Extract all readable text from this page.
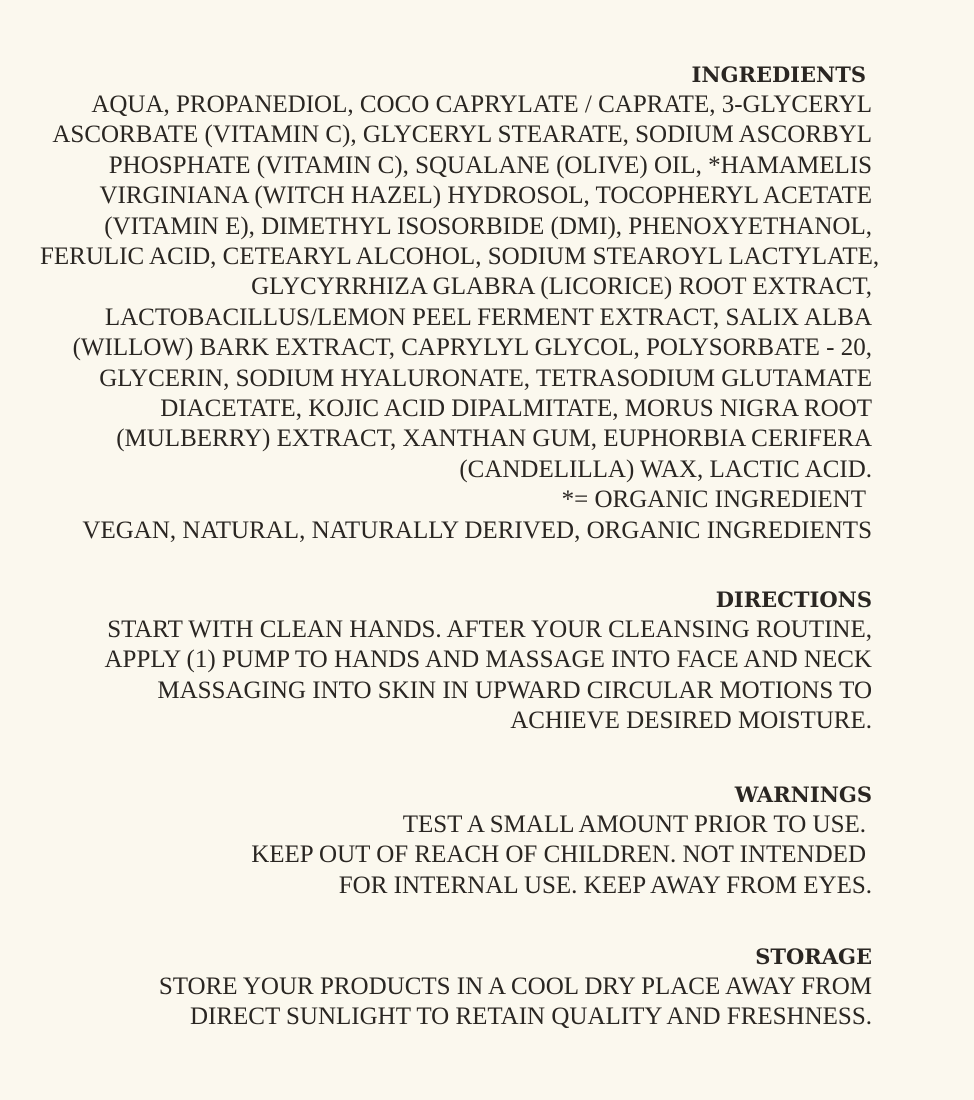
INGREDIENTS
AQUA, PROPANEDIOL, COCO CAPRYLATE / CAPRATE, 3-GLYCERYL
ASCORBATE (VITAMIN C), GLYCERYL STEARATE, SODIUM ASCORBYL
PHOSPHATE (VITAMIN C), SQUALANE (OLIVE) OIL, *HAMAMELIS
VIRGINIANA (WITCH HAZEL) HYDROSOL, TOCOPHERYL ACETATE
(VITAMIN E), DIMETHYL ISOSORBIDE (DMI), PHENOXYETHANOL,
FERULIC ACID, CETEARYL ALCOHOL, SODIUM STEAROYL LACTYLATE,
GLYCYRRHIZA GLABRA (LICORICE) ROOT EXTRACT,
LACTOBACILLUS/LEMON PEEL FERMENT EXTRACT, SALIX ALBA
(WILLOW) BARK EXTRACT, CAPRYLYL GLYCOL, POLYSORBATE - 20,
GLYCERIN, SODIUM HYALURONATE, TETRASODIUM GLUTAMATE
DIACETATE, KOJIC ACID DIPALMITATE, MORUS NIGRA ROOT
(MULBERRY) EXTRACT, XANTHAN GUM, EUPHORBIA CERIFERA
(CANDELILLA) WAX, LACTIC ACID.
*= ORGANIC INGREDIENT
VEGAN, NATURAL, NATURALLY DERIVED, ORGANIC INGREDIENTS
DIRECTIONS
START WITH CLEAN HANDS. AFTER YOUR CLEANSING ROUTINE,
APPLY (1) PUMP TO HANDS AND MASSAGE INTO FACE AND NECK
MASSAGING INTO SKIN IN UPWARD CIRCULAR MOTIONS TO
ACHIEVE DESIRED MOISTURE.
WARNINGS
TEST A SMALL AMOUNT PRIOR TO USE.
KEEP OUT OF REACH OF CHILDREN. NOT INTENDED
FOR INTERNAL USE. KEEP AWAY FROM EYES.
STORAGE
STORE YOUR PRODUCTS IN A COOL DRY PLACE AWAY FROM
DIRECT SUNLIGHT TO RETAIN QUALITY AND FRESHNESS.
